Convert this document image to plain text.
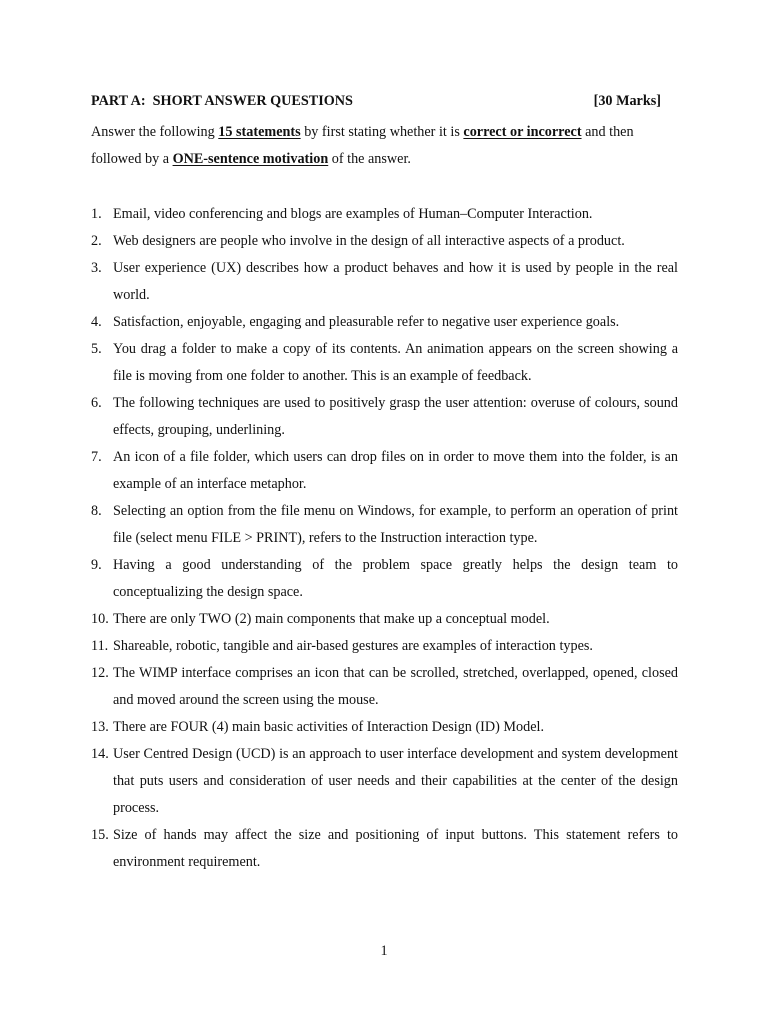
PART A:  SHORT ANSWER QUESTIONS	[30 Marks]
Answer the following 15 statements by first stating whether it is correct or incorrect and then followed by a ONE-sentence motivation of the answer.
1. Email, video conferencing and blogs are examples of Human–Computer Interaction.
2. Web designers are people who involve in the design of all interactive aspects of a product.
3. User experience (UX) describes how a product behaves and how it is used by people in the real world.
4. Satisfaction, enjoyable, engaging and pleasurable refer to negative user experience goals.
5. You drag a folder to make a copy of its contents. An animation appears on the screen showing a file is moving from one folder to another. This is an example of feedback.
6. The following techniques are used to positively grasp the user attention: overuse of colours, sound effects, grouping, underlining.
7. An icon of a file folder, which users can drop files on in order to move them into the folder, is an example of an interface metaphor.
8. Selecting an option from the file menu on Windows, for example, to perform an operation of print file (select menu FILE > PRINT), refers to the Instruction interaction type.
9. Having a good understanding of the problem space greatly helps the design team to conceptualizing the design space.
10. There are only TWO (2) main components that make up a conceptual model.
11. Shareable, robotic, tangible and air-based gestures are examples of interaction types.
12. The WIMP interface comprises an icon that can be scrolled, stretched, overlapped, opened, closed and moved around the screen using the mouse.
13. There are FOUR (4) main basic activities of Interaction Design (ID) Model.
14. User Centred Design (UCD) is an approach to user interface development and system development that puts users and consideration of user needs and their capabilities at the center of the design process.
15. Size of hands may affect the size and positioning of input buttons. This statement refers to environment requirement.
1
